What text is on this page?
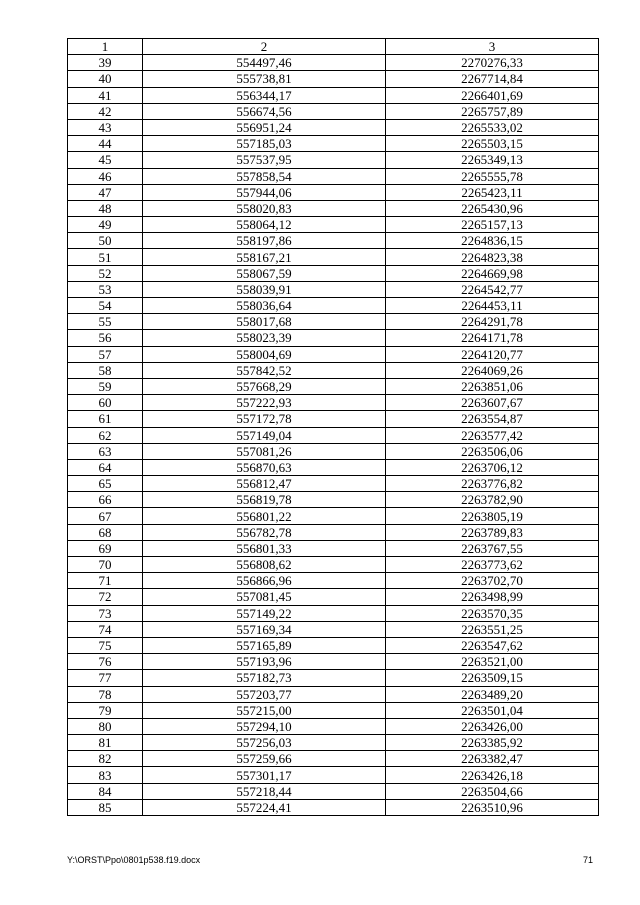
1	2	3
39	554497,46	2270276,33
40	555738,81	2267714,84
41	556344,17	2266401,69
42	556674,56	2265757,89
43	556951,24	2265533,02
44	557185,03	2265503,15
45	557537,95	2265349,13
46	557858,54	2265555,78
47	557944,06	2265423,11
48	558020,83	2265430,96
49	558064,12	2265157,13
50	558197,86	2264836,15
51	558167,21	2264823,38
52	558067,59	2264669,98
53	558039,91	2264542,77
54	558036,64	2264453,11
55	558017,68	2264291,78
56	558023,39	2264171,78
57	558004,69	2264120,77
58	557842,52	2264069,26
59	557668,29	2263851,06
60	557222,93	2263607,67
61	557172,78	2263554,87
62	557149,04	2263577,42
63	557081,26	2263506,06
64	556870,63	2263706,12
65	556812,47	2263776,82
66	556819,78	2263782,90
67	556801,22	2263805,19
68	556782,78	2263789,83
69	556801,33	2263767,55
70	556808,62	2263773,62
71	556866,96	2263702,70
72	557081,45	2263498,99
73	557149,22	2263570,35
74	557169,34	2263551,25
75	557165,89	2263547,62
76	557193,96	2263521,00
77	557182,73	2263509,15
78	557203,77	2263489,20
79	557215,00	2263501,04
80	557294,10	2263426,00
81	557256,03	2263385,92
82	557259,66	2263382,47
83	557301,17	2263426,18
84	557218,44	2263504,66
85	557224,41	2263510,96
Y:\ORST\Ppo\0801p538.f19.docx	71
